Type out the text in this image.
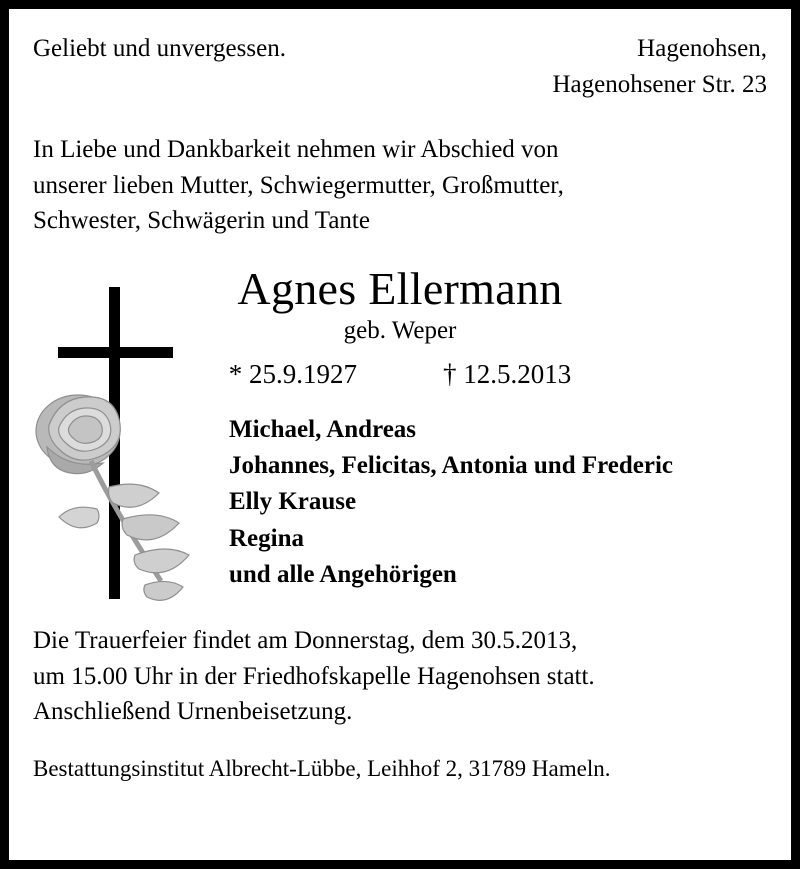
Geliebt und unvergessen.	Hagenohsen,
Hagenohsener Str. 23
In Liebe und Dankbarkeit nehmen wir Abschied von
unserer lieben Mutter, Schwiegermutter, Großmutter,
Schwester, Schwägerin und Tante
Agnes Ellermann
geb. Weper
* 25.9.1927	† 12.5.2013
Michael, Andreas
Johannes, Felicitas, Antonia und Frederic
Elly Krause
Regina
und alle Angehörigen
Die Trauerfeier findet am Donnerstag, dem 30.5.2013,
um 15.00 Uhr in der Friedhofskapelle Hagenohsen statt.
Anschließend Urnenbeisetzung.
Bestattungsinstitut Albrecht-Lübbe, Leihhof 2, 31789 Hameln.
